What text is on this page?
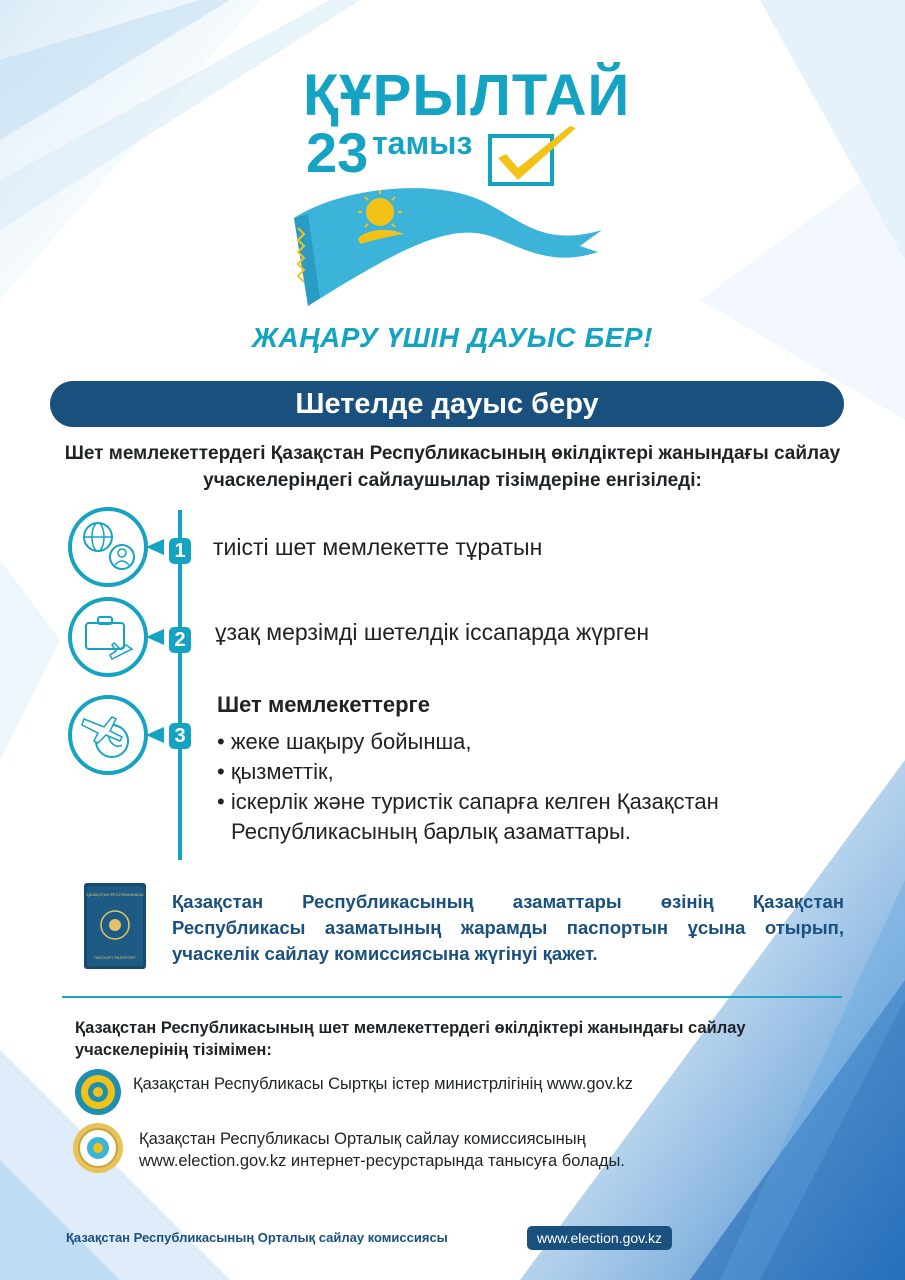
ҚҰРЫЛТАЙ
23 тамыз
ЖАҢАРУ ҮШІН ДАУЫС БЕР!
Шетелде дауыс беру
Шет мемлекеттердегі Қазақстан Республикасының өкілдіктері жанындағы сайлау учаскелеріндегі сайлаушылар тізімдеріне енгізіледі:
1
2
3
тиісті шет мемлекетте тұратын
ұзақ мерзімді шетелдік іссапарда жүрген
Шет мемлекеттерге
• жеке шақыру бойынша,
• қызметтік,
• іскерлік және туристік сапарға келген Қазақстан
Республикасының барлық азаматтары.
ҚАЗАҚСТАН РЕСПУБЛИКАСЫ
ПАСПОРТ PASSPORT
Қазақстан Республикасының азаматтары өзінің Қазақстан Республикасы азаматының жарамды паспортын ұсына отырып, учаскелік сайлау комиссиясына жүгінуі қажет.
Қазақстан Республикасының шет мемлекеттердегі өкілдіктері жанындағы сайлау учаскелерінің тізімімен:
Қазақстан Республикасы Сыртқы істер министрлігінің www.gov.kz
Қазақстан Республикасы Орталық сайлау комиссиясының
www.election.gov.kz интернет-ресурстарында танысуға болады.
Қазақстан Республикасының Орталық сайлау комиссиясы	www.election.gov.kz
